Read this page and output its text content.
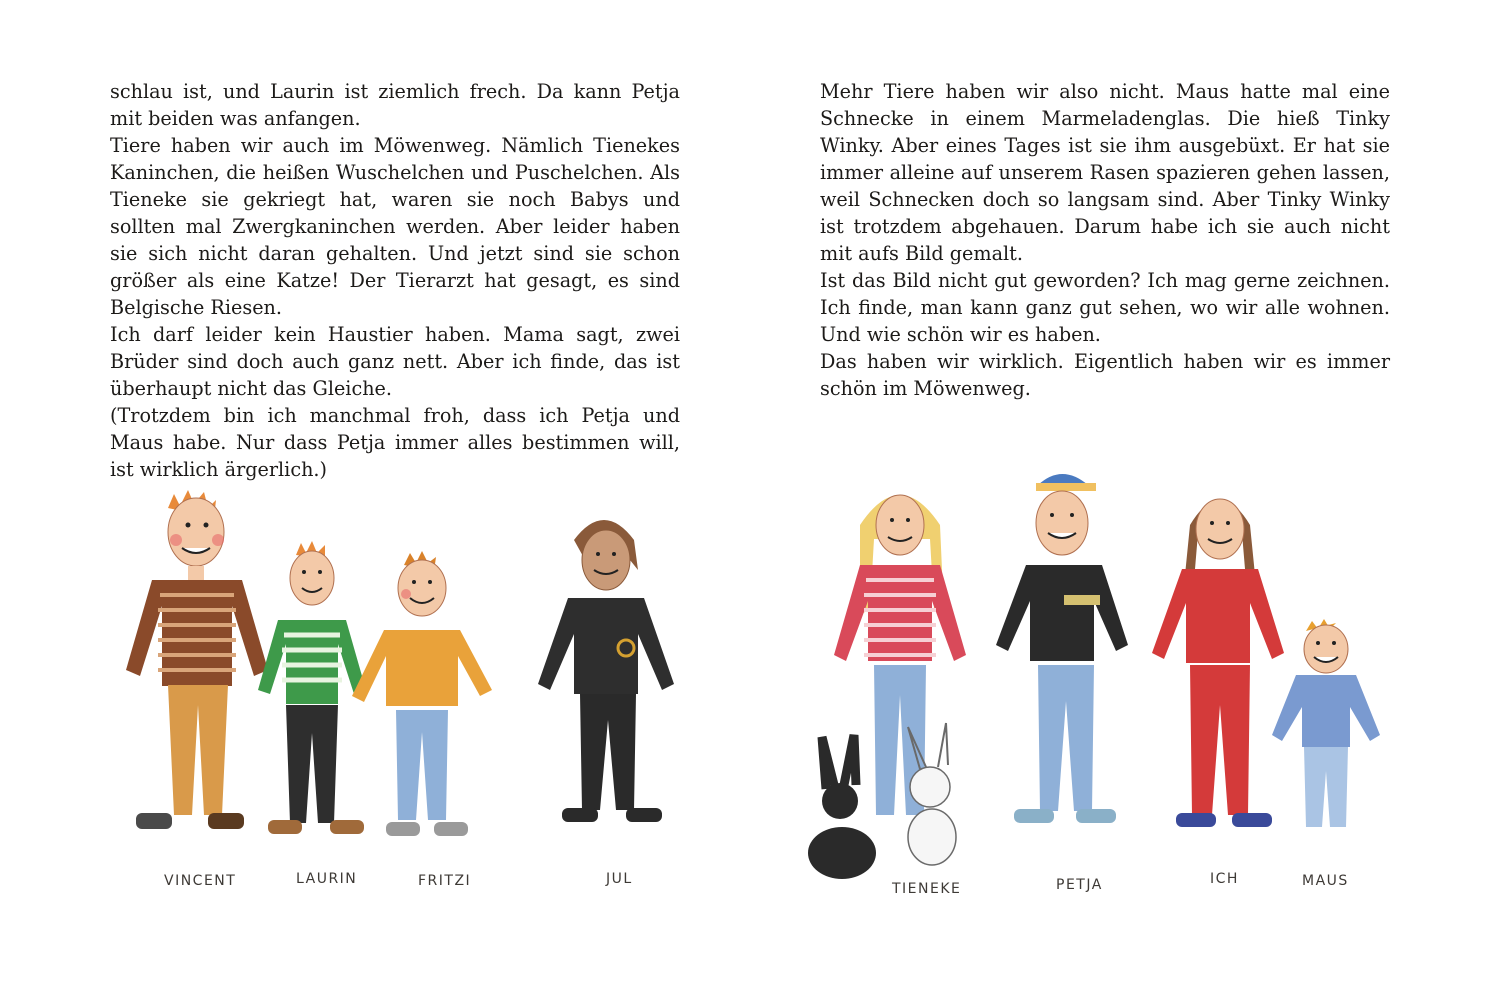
schlau ist, und Laurin ist ziemlich frech. Da kann Petja mit beiden was anfangen.

Tiere haben wir auch im Möwenweg. Nämlich Tienekes Kaninchen, die heißen Wuschelchen und Puschelchen. Als Tieneke sie gekriegt hat, waren sie noch Babys und sollten mal Zwergkaninchen werden. Aber leider haben sie sich nicht daran gehalten. Und jetzt sind sie schon größer als eine Katze! Der Tierarzt hat gesagt, es sind Belgische Riesen.

Ich darf leider kein Haustier haben. Mama sagt, zwei Brüder sind doch auch ganz nett. Aber ich finde, das ist überhaupt nicht das Gleiche.

(Trotzdem bin ich manchmal froh, dass ich Petja und Maus habe. Nur dass Petja immer alles bestimmen will, ist wirklich ärgerlich.)

Mehr Tiere haben wir also nicht. Maus hatte mal eine Schnecke in einem Marmeladenglas. Die hieß Tinky Winky. Aber eines Tages ist sie ihm ausgebüxt. Er hat sie immer alleine auf unserem Rasen spazieren gehen lassen, weil Schnecken doch so langsam sind. Aber Tinky Winky ist trotzdem abgehauen. Darum habe ich sie auch nicht mit aufs Bild gemalt.

Ist das Bild nicht gut geworden? Ich mag gerne zeichnen. Ich finde, man kann ganz gut sehen, wo wir alle wohnen. Und wie schön wir es haben.

Das haben wir wirklich. Eigentlich haben wir es immer schön im Möwenweg.

VINCENT	LAURIN	FRITZI	JUL
TIENEKE	PETJA	ICH	MAUS
